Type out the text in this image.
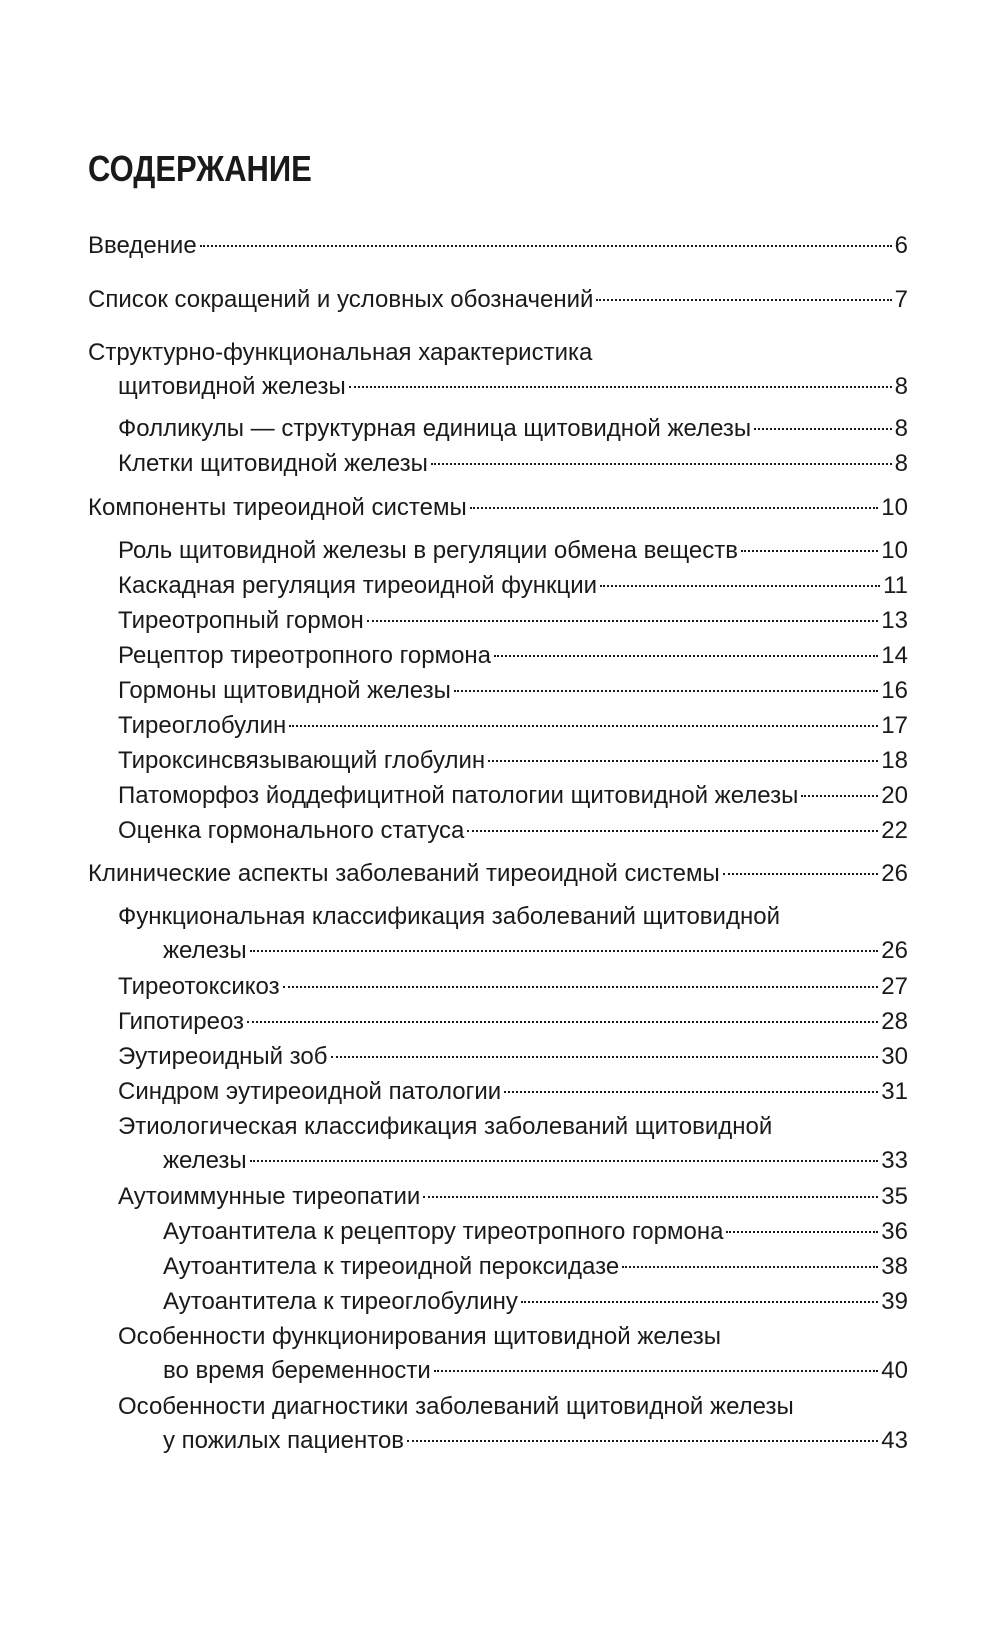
СОДЕРЖАНИЕ
Введение	6
Список сокращений и условных обозначений	7
Структурно-функциональная характеристика
щитовидной железы	8
Фолликулы — структурная единица щитовидной железы	8
Клетки щитовидной железы	8
Компоненты тиреоидной системы	10
Роль щитовидной железы в регуляции обмена веществ	10
Каскадная регуляция тиреоидной функции	11
Тиреотропный гормон	13
Рецептор тиреотропного гормона	14
Гормоны щитовидной железы	16
Тиреоглобулин	17
Тироксинсвязывающий глобулин	18
Патоморфоз йоддефицитной патологии щитовидной железы	20
Оценка гормонального статуса	22
Клинические аспекты заболеваний тиреоидной системы	26
Функциональная классификация заболеваний щитовидной
железы	26
Тиреотоксикоз	27
Гипотиреоз	28
Эутиреоидный зоб	30
Синдром эутиреоидной патологии	31
Этиологическая классификация заболеваний щитовидной
железы	33
Аутоиммунные тиреопатии	35
Аутоантитела к рецептору тиреотропного гормона	36
Аутоантитела к тиреоидной пероксидазе	38
Аутоантитела к тиреоглобулину	39
Особенности функционирования щитовидной железы
во время беременности	40
Особенности диагностики заболеваний щитовидной железы
у пожилых пациентов	43
